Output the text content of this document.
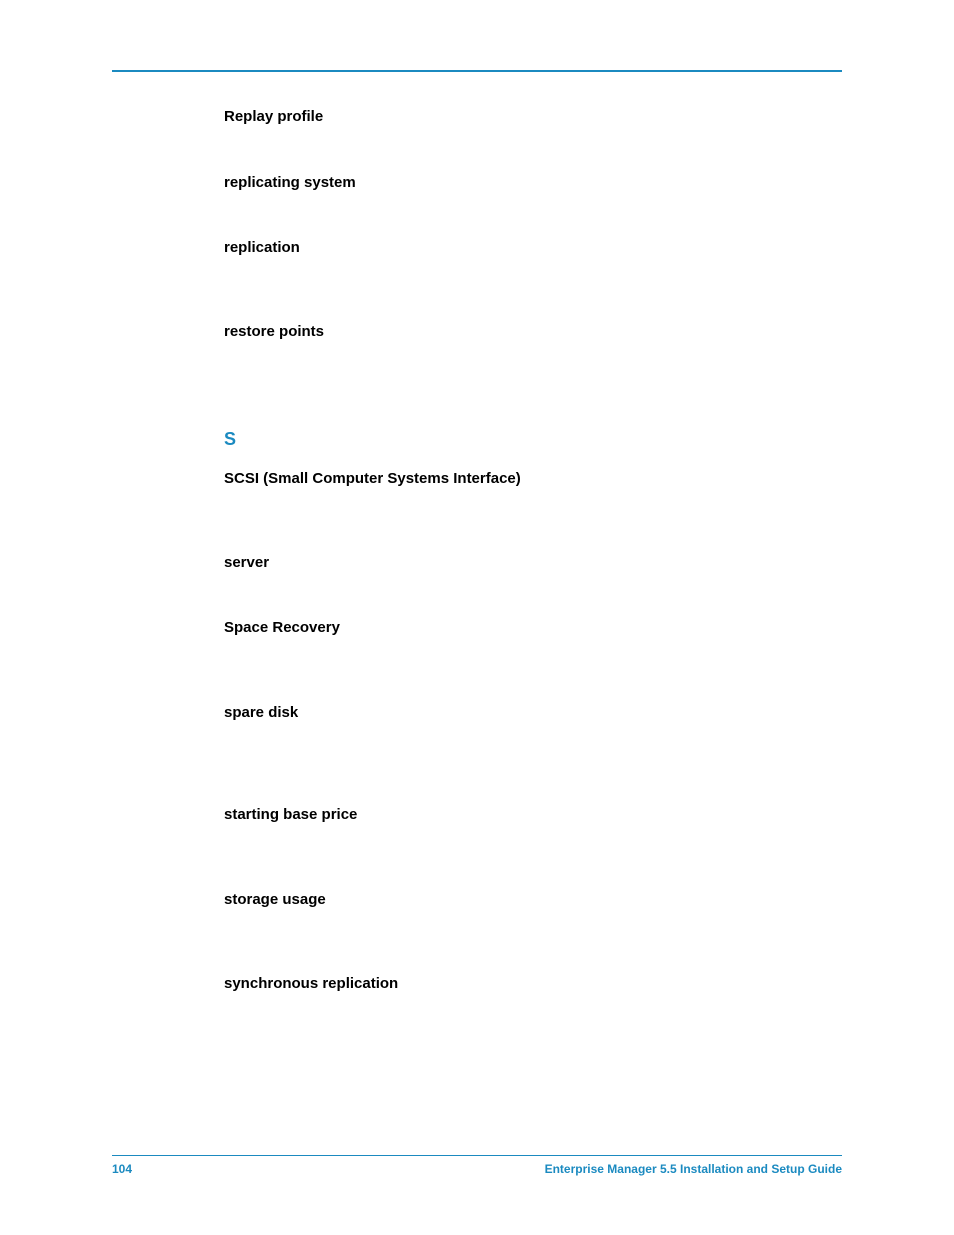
Replay profile
replicating system
replication
restore points
S
SCSI (Small Computer Systems Interface)
server
Space Recovery
spare disk
starting base price
storage usage
synchronous replication
104	Enterprise Manager 5.5 Installation and Setup Guide
